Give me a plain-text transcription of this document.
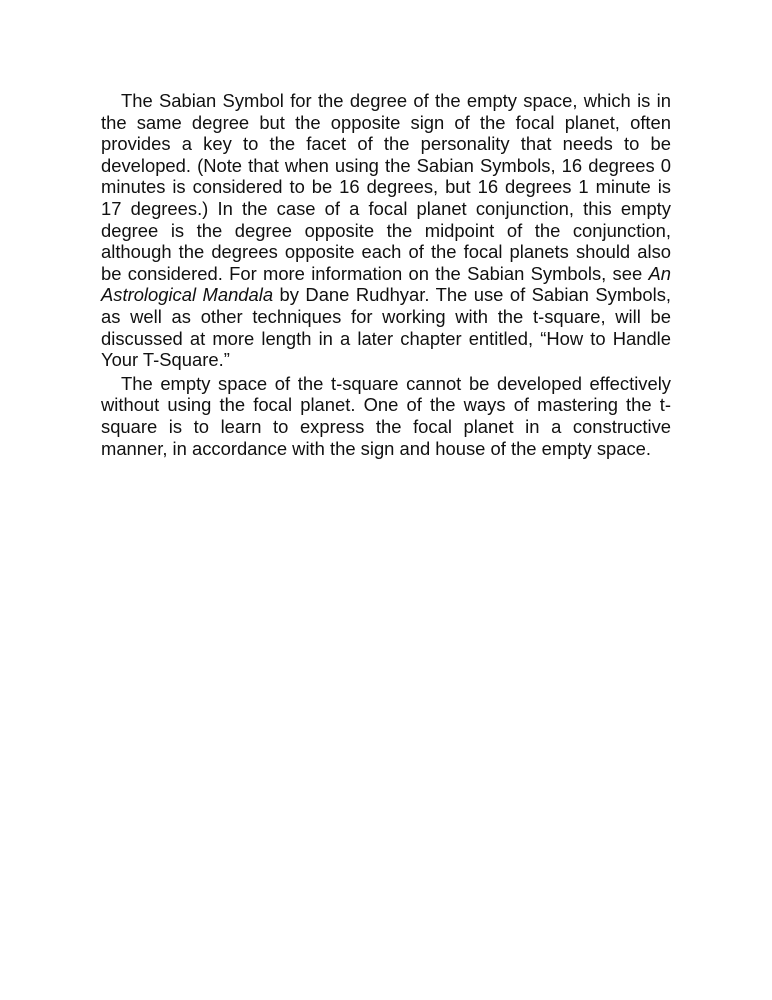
The Sabian Symbol for the degree of the empty space, which is in the same degree but the opposite sign of the focal planet, often provides a key to the facet of the personality that needs to be developed. (Note that when using the Sabian Symbols, 16 degrees 0 minutes is considered to be 16 degrees, but 16 degrees 1 minute is 17 degrees.) In the case of a focal planet conjunction, this empty degree is the degree opposite the midpoint of the conjunction, although the degrees opposite each of the focal planets should also be considered. For more information on the Sabian Symbols, see An Astrological Mandala by Dane Rudhyar. The use of Sabian Symbols, as well as other techniques for working with the t-square, will be discussed at more length in a later chapter entitled, “How to Handle Your T-Square.”

The empty space of the t-square cannot be developed effectively without using the focal planet. One of the ways of mastering the t-square is to learn to express the focal planet in a constructive manner, in accordance with the sign and house of the empty space.
